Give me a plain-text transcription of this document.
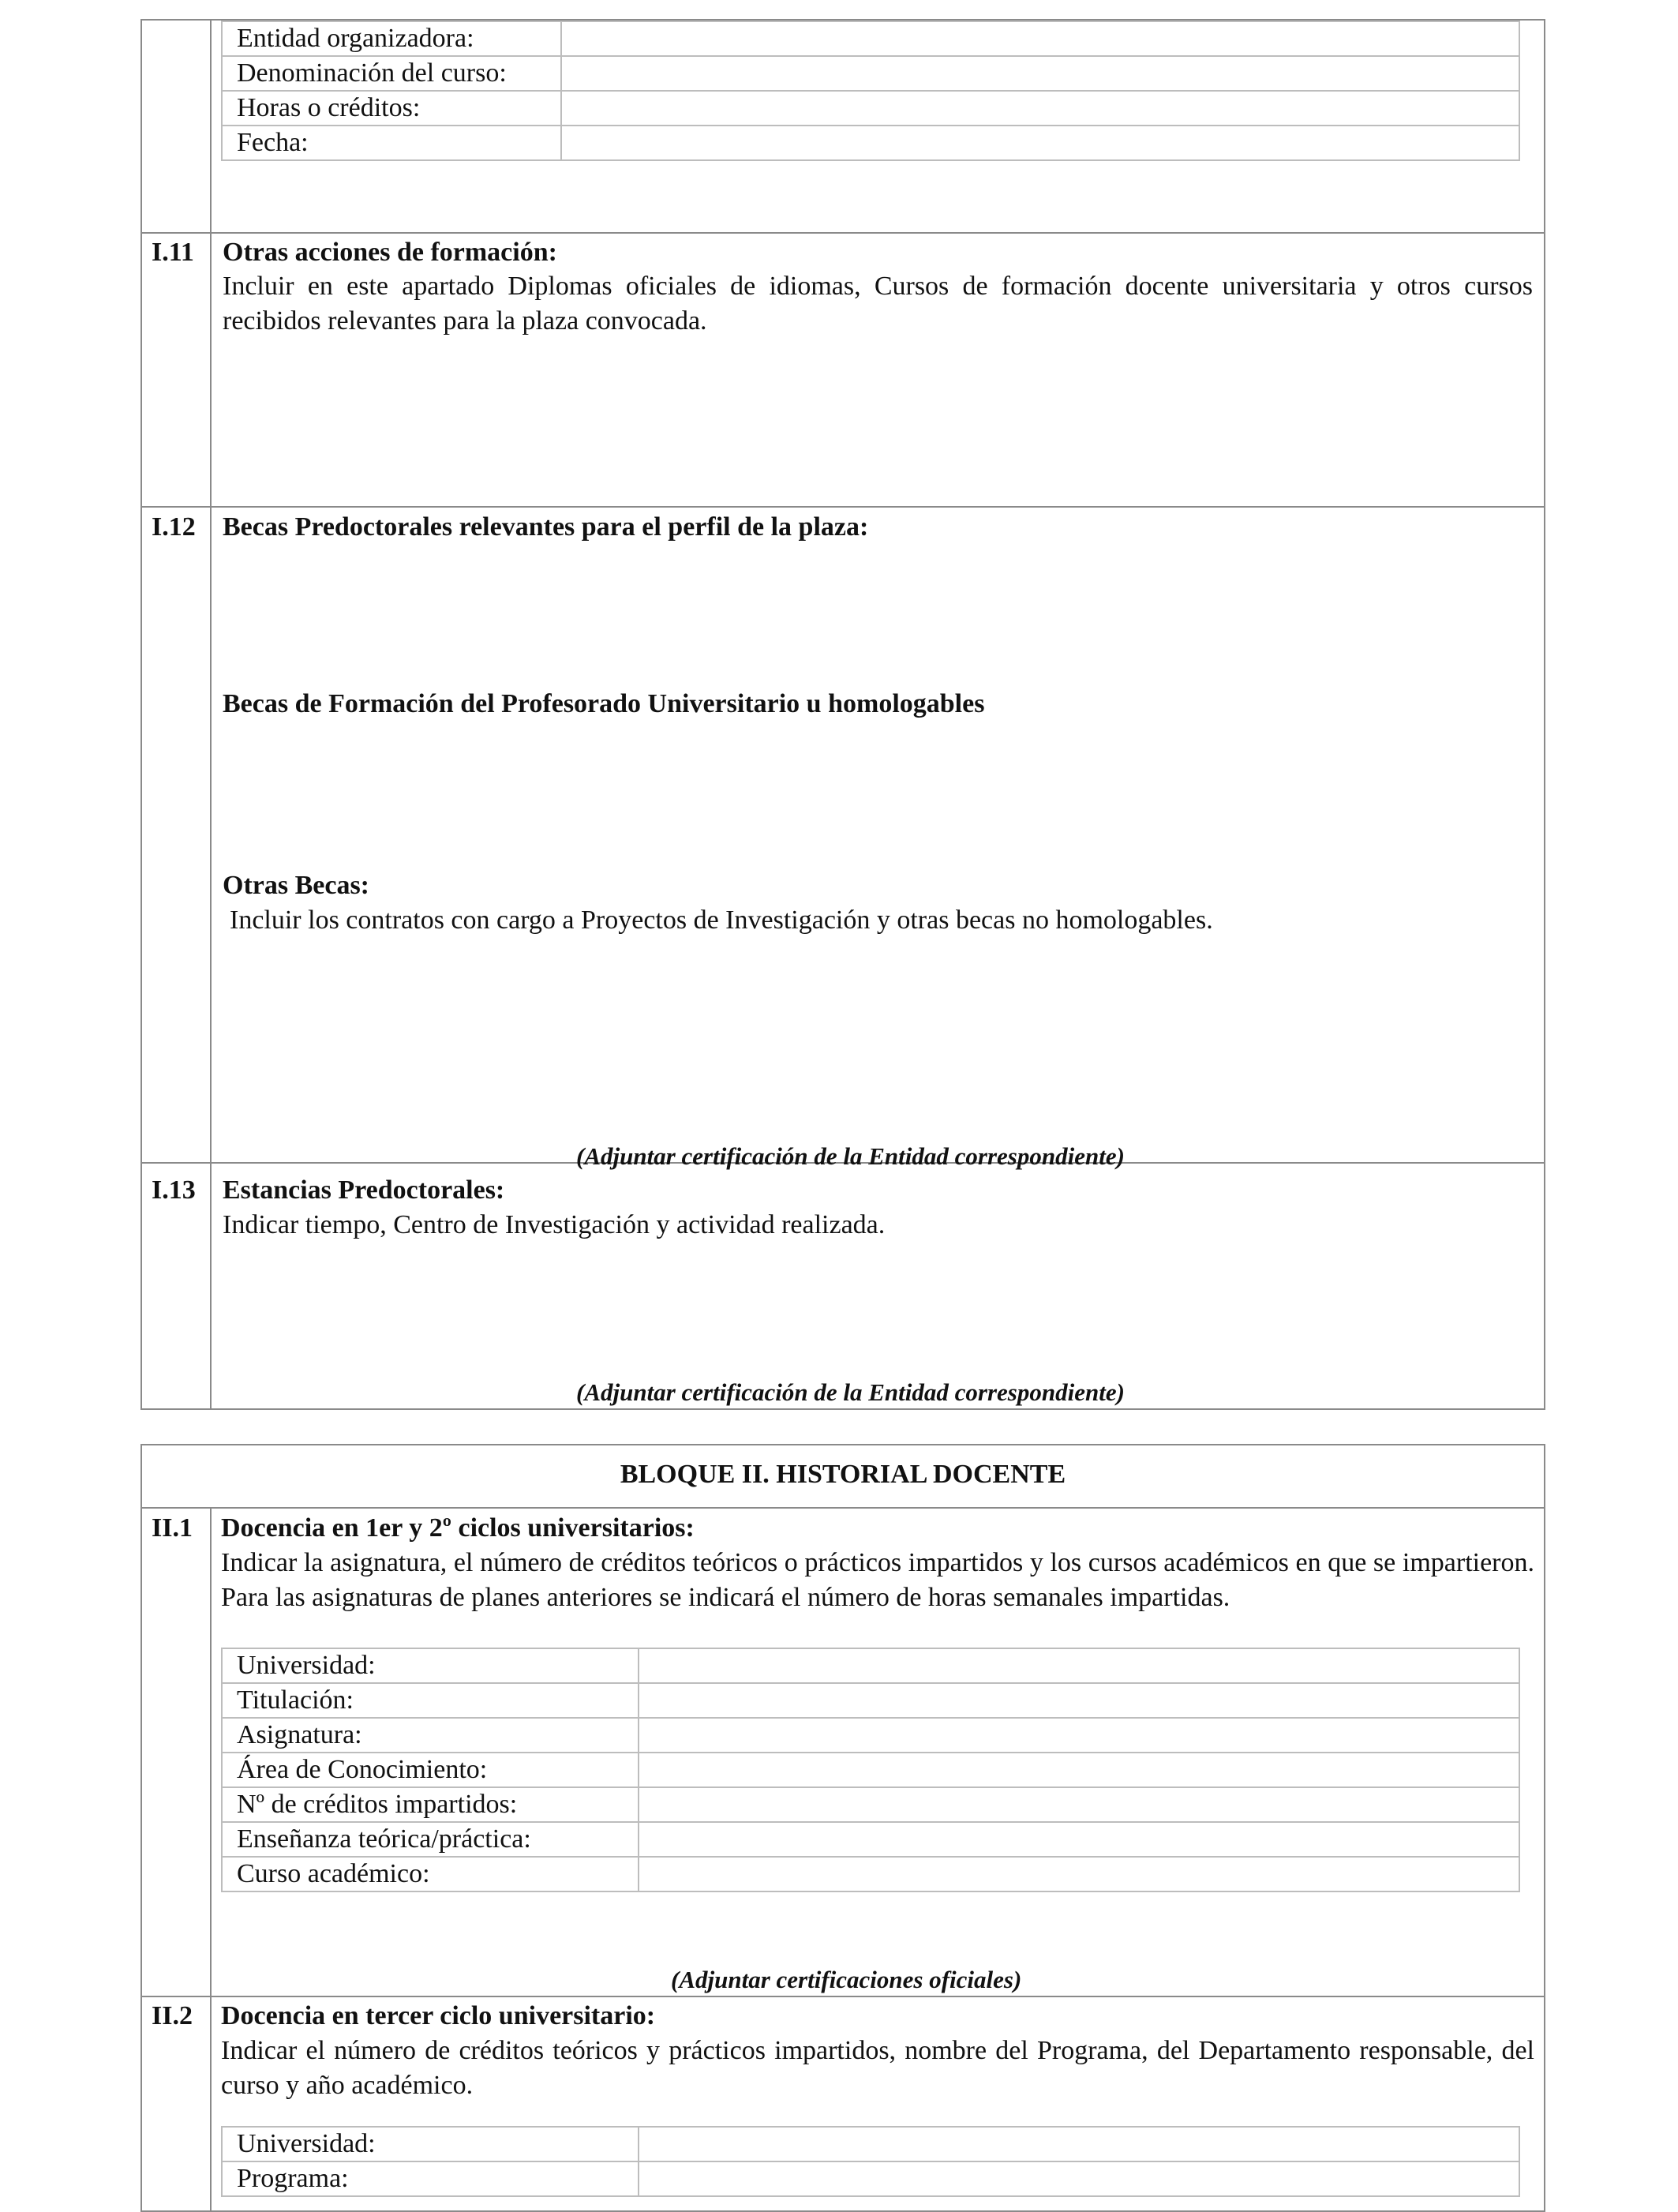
Entidad organizadora:	
Denominación del curso:	
Horas o créditos:	
Fecha:	
I.11 Otras acciones de formación:
Incluir en este apartado Diplomas oficiales de idiomas, Cursos de formación docente universitaria y otros cursos recibidos relevantes para la plaza convocada.
I.12 Becas Predoctorales relevantes para el perfil de la plaza:
Becas de Formación del Profesorado Universitario u homologables
Otras Becas:
Incluir los contratos con cargo a Proyectos de Investigación y otras becas no homologables.
(Adjuntar certificación de la Entidad correspondiente)
I.13 Estancias Predoctorales:
Indicar tiempo, Centro de Investigación y actividad realizada.
(Adjuntar certificación de la Entidad correspondiente)
BLOQUE II. HISTORIAL DOCENTE
II.1 Docencia en 1er y 2º ciclos universitarios:
Indicar la asignatura, el número de créditos teóricos o prácticos impartidos y los cursos académicos en que se impartieron. Para las asignaturas de planes anteriores se indicará el número de horas semanales impartidas.
Universidad:	
Titulación:	
Asignatura:	
Área de Conocimiento:	
Nº de créditos impartidos:	
Enseñanza teórica/práctica:	
Curso académico:	
(Adjuntar certificaciones oficiales)
II.2 Docencia en tercer ciclo universitario:
Indicar el número de créditos teóricos y prácticos impartidos, nombre del Programa, del Departamento responsable, del curso y año académico.
Universidad:	
Programa:	
